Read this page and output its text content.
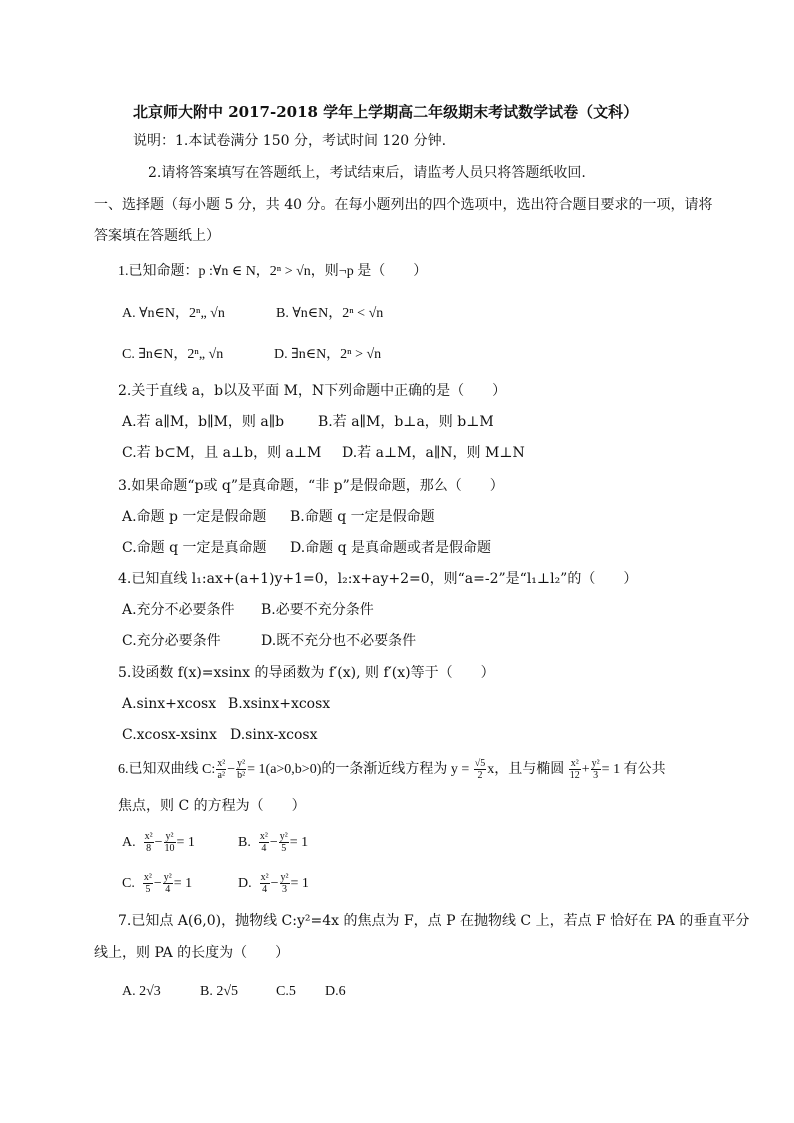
北京师大附中 2017-2018 学年上学期高二年级期末考试数学试卷（文科）
说明：1.本试卷满分 150 分，考试时间 120 分钟.
2.请将答案填写在答题纸上，考试结束后，请监考人员只将答题纸收回.
一、选择题（每小题 5 分，共 40 分。在每小题列出的四个选项中，选出符合题目要求的一项，请将
答案填在答题纸上）
1.已知命题：p :∀n ∈ N，2ⁿ > √n，则¬p 是（　　）
A. ∀n∈N，2ⁿ„ √n	B. ∀n∈N，2ⁿ < √n
C. ∃n∈N，2ⁿ„ √n	D. ∃n∈N，2ⁿ > √n
2.关于直线 a，b以及平面 M，N下列命题中正确的是（　　）
A.若 a∥M，b∥M，则 a∥b B.若 a∥M，b⊥a，则 b⊥M
C.若 b⊂M，且 a⊥b，则 a⊥M D.若 a⊥M，a∥N，则 M⊥N
3.如果命题“p或 q”是真命题，“非 p”是假命题，那么（　　）
A.命题 p 一定是假命题 B.命题 q 一定是假命题
C.命题 q 一定是真命题 D.命题 q 是真命题或者是假命题
4.已知直线 l₁:ax+(a+1)y+1=0，l₂:x+ay+2=0，则“a=-2”是“l₁⊥l₂”的（　　）
A.充分不必要条件 B.必要不充分条件
C.充分必要条件	D.既不充分也不必要条件
5.设函数 f(x)=xsinx 的导函数为 f′(x), 则 f′(x)等于（　　）
A.sinx+xcosx B.xsinx+xcosx
C.xcosx-xsinx D.sinx-xcosx
6.已知双曲线 C: $\frac{\text{x²}}{\text{a²}} - \frac{\text{y²}}{\text{b²}} = 1(a>0,b>0)$的一条渐近线方程为 $y = \frac{√5}{2}$ x，且与椭圆 $\frac{\text{x²}}{12} + \frac{\text{y²}}{3} = 1$ 有公共
焦点，则 C 的方程为（　　）
A. $\frac{\text{x²}}{8} - \frac{\text{y²}}{10} = 1$	B. $\frac{\text{x²}}{4} - \frac{\text{y²}}{5} = 1$
C. $\frac{\text{x²}}{5} - \frac{\text{y²}}{4} = 1$	D. $\frac{\text{x²}}{4} - \frac{\text{y²}}{3} = 1$
7.已知点 A(6,0)，抛物线 C:y²=4x 的焦点为 F，点 P 在抛物线 C 上，若点 F 恰好在 PA 的垂直平分
线上，则 PA 的长度为（　　）
A. 2√3	B. 2√5	C.5 D.6
